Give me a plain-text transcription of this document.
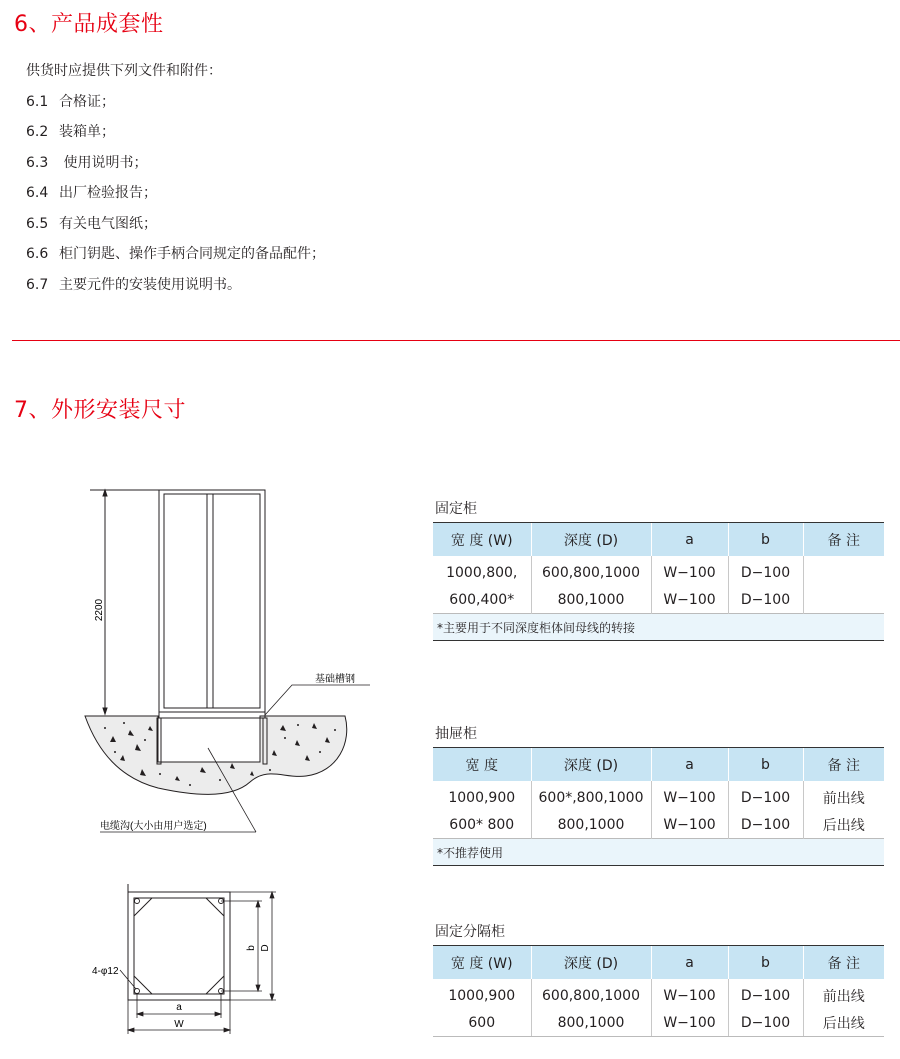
6、产品成套性
供货时应提供下列文件和附件：
6.1 合格证；
6.2 装箱单；
6.3 使用说明书；
6.4 出厂检验报告；
6.5 有关电气图纸；
6.6 柜门钥匙、操作手柄合同规定的备品配件；
6.7 主要元件的安装使用说明书。
7、外形安装尺寸
2200
基础槽钢
电缆沟(大小由用户选定)
a
W
b D
4-φ12
固定柜
宽 度 (W)	深度 (D)	a	b	备 注
1000,800,	600,800,1000	W−100	D−100	
600,400*	800,1000	W−100	D−100	
*主要用于不同深度柜体间母线的转接				
抽屉柜
宽 度	深度 (D)	a	b	备 注
1000,900	600*,800,1000	W−100	D−100	前出线
600* 800	800,1000	W−100	D−100	后出线
*不推荐使用				
固定分隔柜
宽 度 (W)	深度 (D)	a	b	备 注
1000,900	600,800,1000	W−100	D−100	前出线
600	800,1000	W−100	D−100	后出线
